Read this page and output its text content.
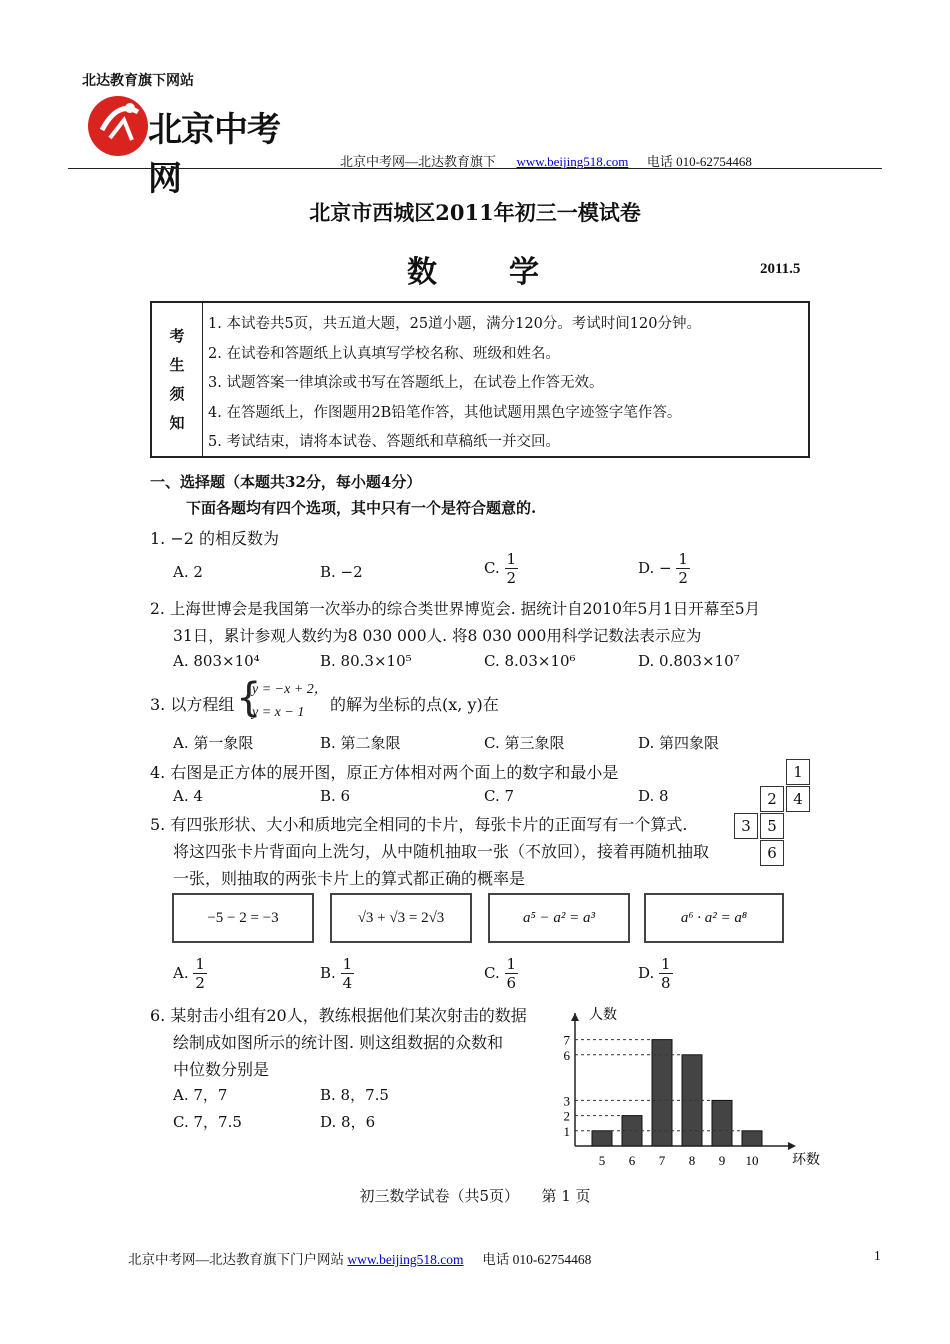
北达教育旗下网站
北京中考网	北京中考网—北达教育旗下 www.beijing518.com 电话 010-62754468
北京市西城区2011年初三一模试卷
数　　学	2011.5
考
生
须
知
1. 本试卷共5页，共五道大题，25道小题，满分120分。考试时间120分钟。
2. 在试卷和答题纸上认真填写学校名称、班级和姓名。
3. 试题答案一律填涂或书写在答题纸上，在试卷上作答无效。
4. 在答题纸上，作图题用2B铅笔作答，其他试题用黑色字迹签字笔作答。
5. 考试结束，请将本试卷、答题纸和草稿纸一并交回。
一、选择题（本题共32分，每小题4分）
下面各题均有四个选项，其中只有一个是符合题意的.
1. −2 的相反数为
A. 2	B. −2	C. $\frac{1}{2}$	D. − $\frac{1}{2}$
2. 上海世博会是我国第一次举办的综合类世界博览会. 据统计自2010年5月1日开幕至5月
31日，累计参观人数约为8 030 000人. 将8 030 000用科学记数法表示应为
A. 803×10⁴	B. 80.3×10⁵	C. 8.03×10⁶	D. 0.803×10⁷
3. 以方程组 {
y = −x + 2，
y = x − 1 的解为坐标的点(x, y)在
A. 第一象限	B. 第二象限	C. 第三象限	D. 第四象限
4. 右图是正方体的展开图，原正方体相对两个面上的数字和最小是
A. 4	B. 6	C. 7	D. 8
1
2	4
3	5
6
5. 有四张形状、大小和质地完全相同的卡片，每张卡片的正面写有一个算式.
将这四张卡片背面向上洗匀，从中随机抽取一张（不放回），接着再随机抽取
一张，则抽取的两张卡片上的算式都正确的概率是
−5 − 2 = −3	√3 + √3 = 2√3	a⁵ − a² = a³	a⁶ · a² = a⁸
A. $\frac{1}{2}$	B. $\frac{1}{4}$	C. $\frac{1}{6}$	D. $\frac{1}{8}$
6. 某射击小组有20人，教练根据他们某次射击的数据
绘制成如图所示的统计图. 则这组数据的众数和
中位数分别是
A. 7，7	B. 8，7.5
C. 7，7.5	D. 8，6
人数
环数
5 6 7 8 9 10
1
2
3
6
7
初三数学试卷（共5页）　　第 1 页
北京中考网—北达教育旗下门户网站 www.beijing518.com 电话 010-62754468	1
